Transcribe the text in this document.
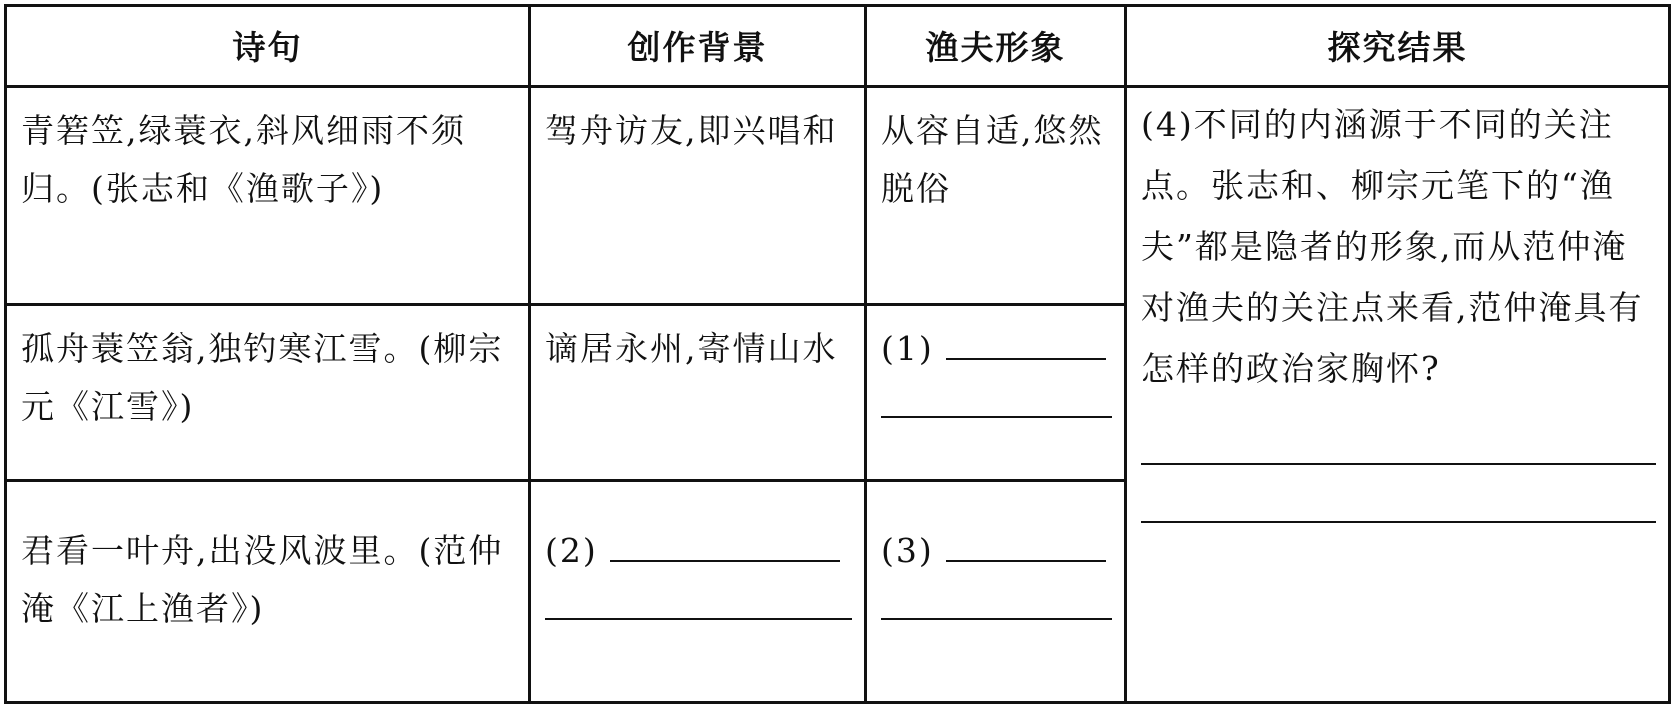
诗句	创作背景	渔夫形象	探究结果

青箬笠,绿蓑衣,斜风细雨不须归。(张志和《渔歌子》)	驾舟访友,即兴唱和	从容自适,悠然脱俗	(4)不同的内涵源于不同的关注点。张志和、柳宗元笔下的“渔夫”都是隐者的形象,而从范仲淹对渔夫的关注点来看,范仲淹具有怎样的政治家胸怀?

孤舟蓑笠翁,独钓寒江雪。(柳宗元《江雪》)	谪居永州,寄情山水	(1)	

君看一叶舟,出没风波里。(范仲淹《江上渔者》)	(2)	(3)	
